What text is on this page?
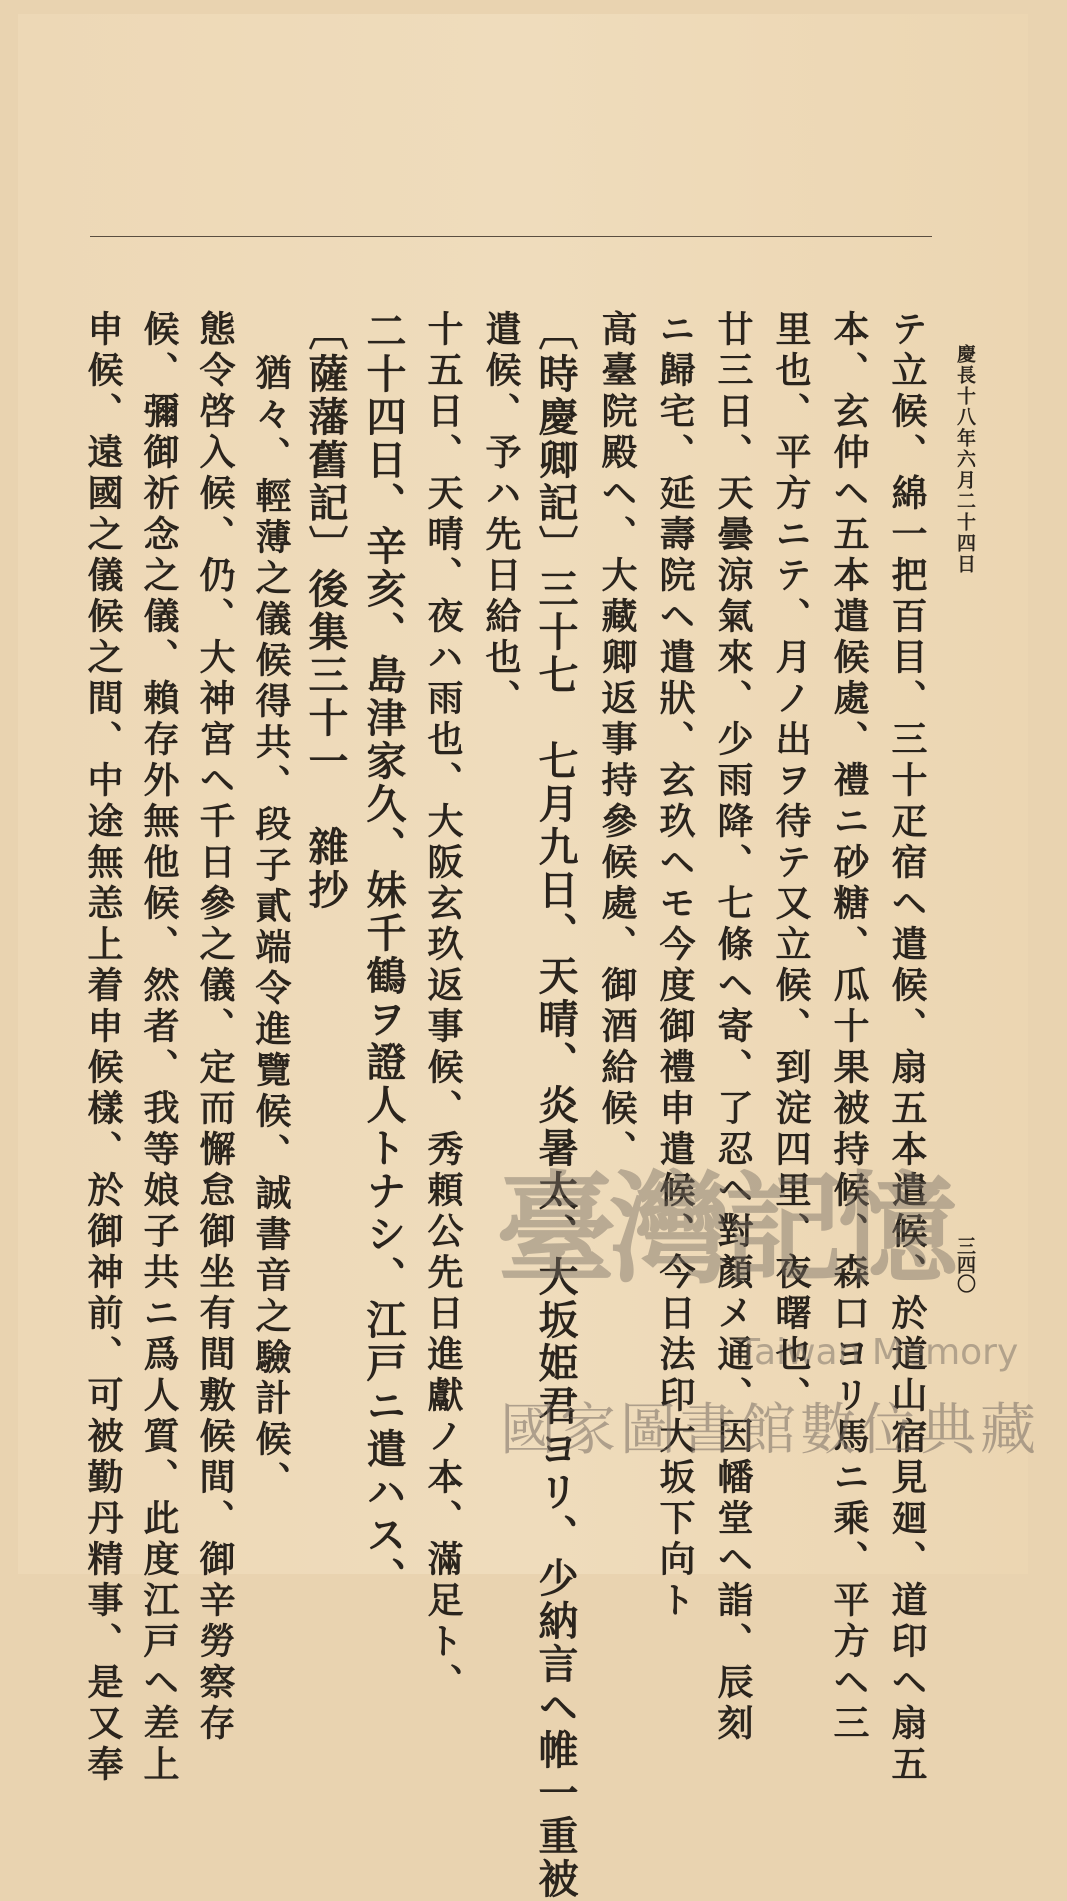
慶長十八年六月二十四日
三四〇
テ立候、綿一把百目、三十疋宿ヘ遣候、扇五本遣候、於道山宿見廻、道印ヘ扇五
本、玄仲ヘ五本遣候處、禮ニ砂糖、瓜十果被持候、森口ヨリ馬ニ乘、平方ヘ三
里也、平方ニテ、月ノ出ヲ待テ又立候、到淀四里、夜曙也、
廿三日、天曇涼氣來、少雨降、七條ヘ寄、了忍ヘ對顏メ通、因幡堂ヘ詣、辰刻
ニ歸宅、延壽院ヘ遣狀、玄玖ヘモ今度御禮申遣候、今日法印大坂下向ト
高臺院殿ヘ、大藏卿返事持參候處、御酒給候、
〔時慶卿記〕三十七　七月九日、天晴、炎暑太、大坂姫君ヨリ、少納言ヘ帷一重被
遣候、予ハ先日給也、
十五日、天晴、夜ハ雨也、大阪玄玖返事候、秀頼公先日進獻ノ本、滿足ト、
二十四日、辛亥、島津家久、妹千鶴ヲ證人トナシ、江戸ニ遣ハス、
〔薩藩舊記〕後集三十一　雜抄
猶々、輕薄之儀候得共、段子貳端令進覽候、誠書音之驗計候、
態令啓入候、仍、大神宮ヘ千日參之儀、定而懈怠御坐有間敷候間、御辛勞察存
候、彌御祈念之儀、賴存外無他候、然者、我等娘子共ニ爲人質、此度江戸ヘ差上
申候、遠國之儀候之間、中途無恙上着申候樣、於御神前、可被勤丹精事、是又奉	臺灣記憶
Taiwan Memory
國家圖書館數位典藏
